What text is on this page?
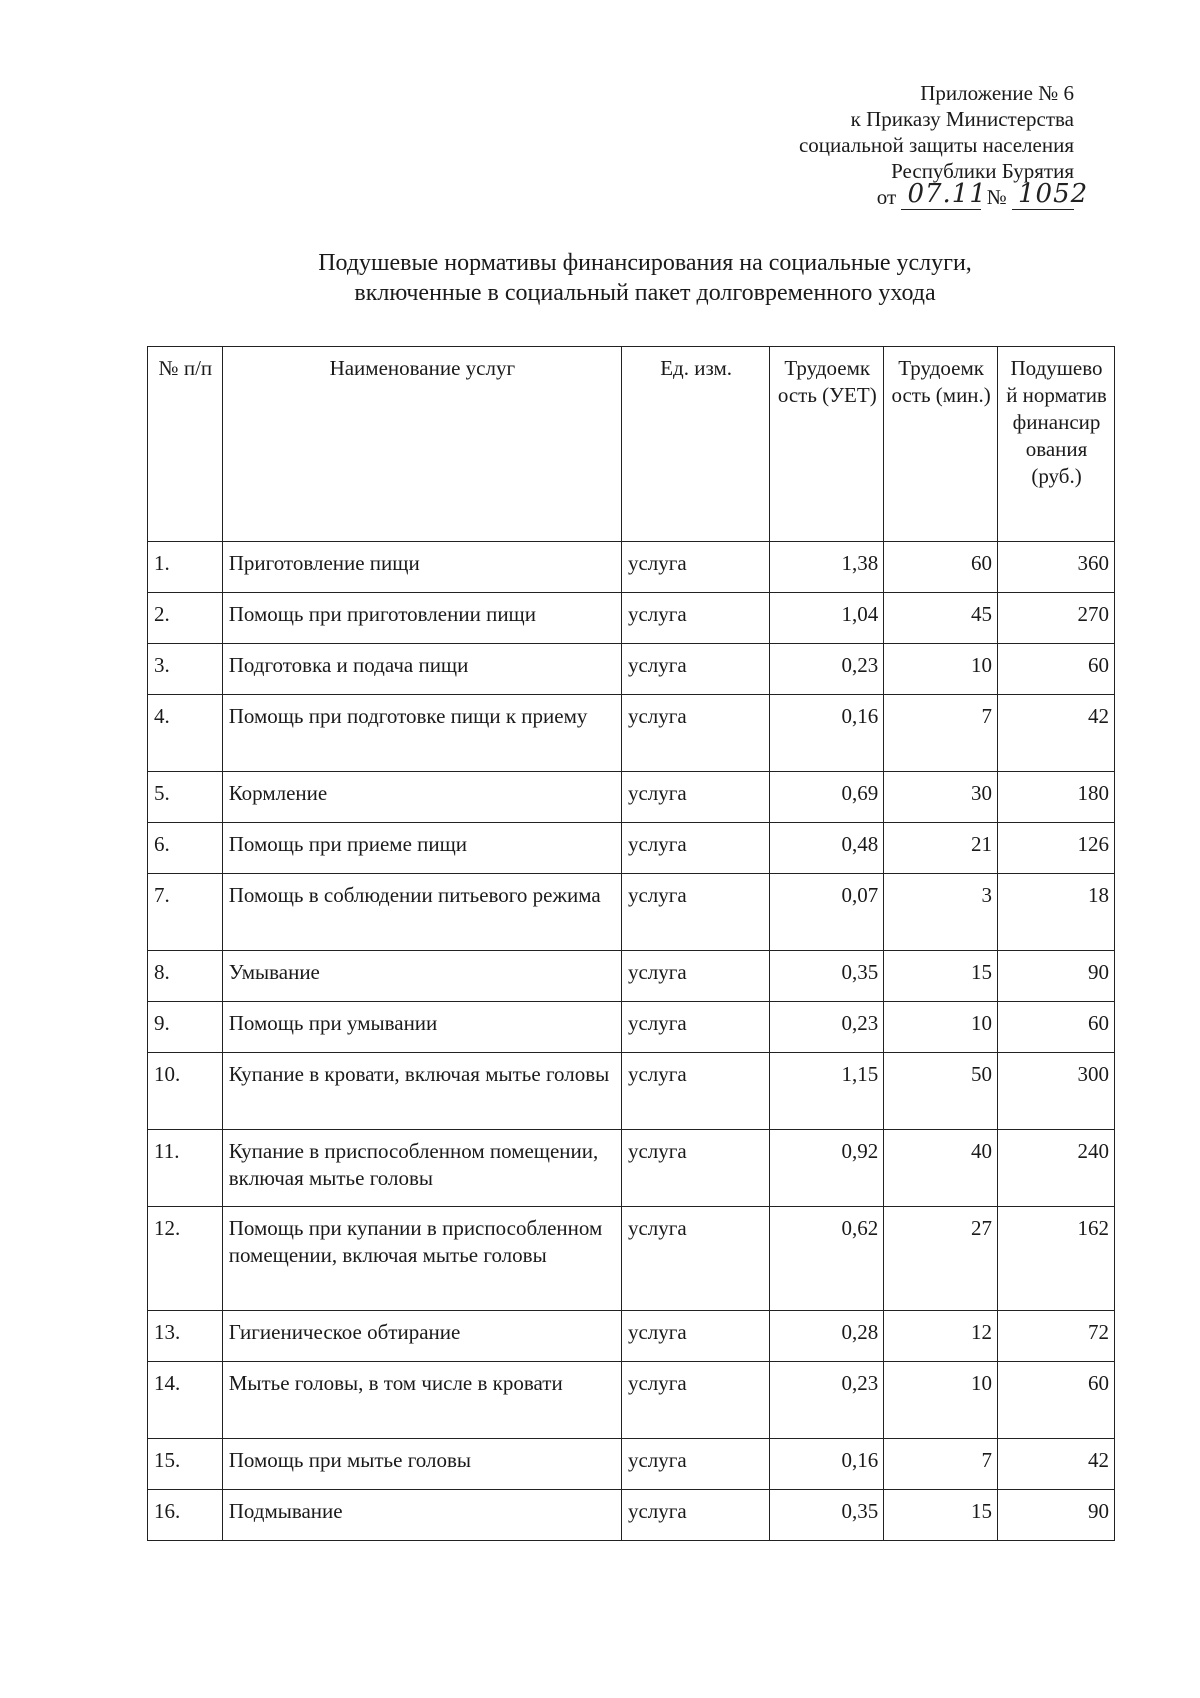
Приложение № 6
к Приказу Министерства
социальной защиты населения
Республики Бурятия
от 07.11 № 1052
Подушевые нормативы финансирования на социальные услуги,
включенные в социальный пакет долговременного ухода
№ п/п	Наименование услуг	Ед. изм.	Трудоемк ость (УЕТ)	Трудоемк ость (мин.)	Подушево й норматив финансир ования (руб.)
1.	Приготовление пищи	услуга	1,38	60	360
2.	Помощь при приготовлении пищи	услуга	1,04	45	270
3.	Подготовка и подача пищи	услуга	0,23	10	60
4.	Помощь при подготовке пищи к приему	услуга	0,16	7	42
5.	Кормление	услуга	0,69	30	180
6.	Помощь при приеме пищи	услуга	0,48	21	126
7.	Помощь в соблюдении питьевого режима	услуга	0,07	3	18
8.	Умывание	услуга	0,35	15	90
9.	Помощь при умывании	услуга	0,23	10	60
10.	Купание в кровати, включая мытье головы	услуга	1,15	50	300
11.	Купание в приспособленном помещении, включая мытье головы	услуга	0,92	40	240
12.	Помощь при купании в приспособленном помещении, включая мытье головы	услуга	0,62	27	162
13.	Гигиеническое обтирание	услуга	0,28	12	72
14.	Мытье головы, в том числе в кровати	услуга	0,23	10	60
15.	Помощь при мытье головы	услуга	0,16	7	42
16.	Подмывание	услуга	0,35	15	90
